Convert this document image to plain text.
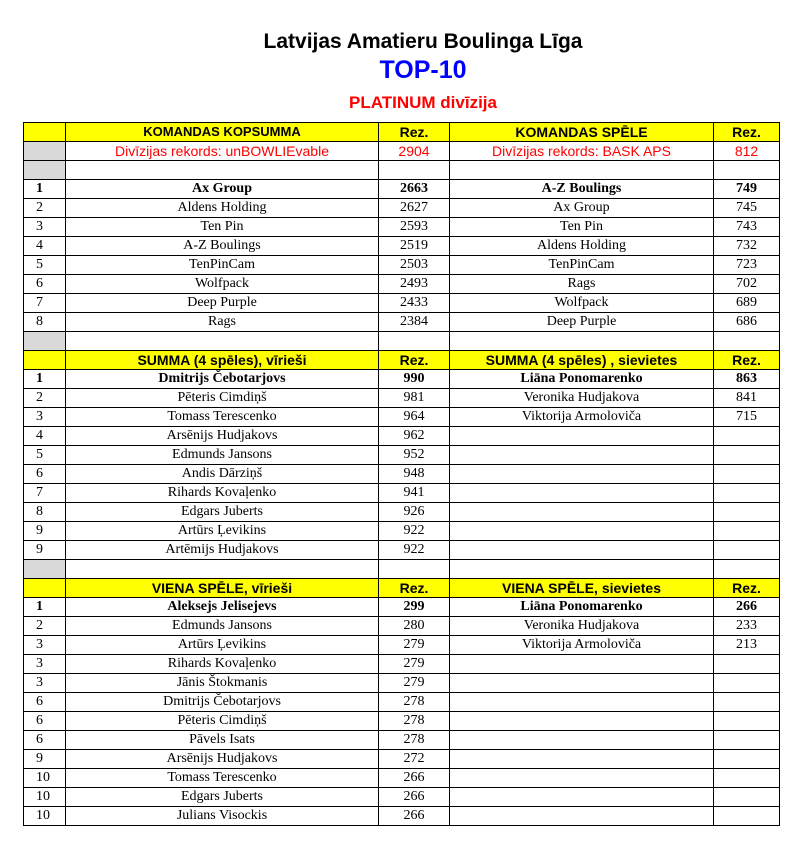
Latvijas Amatieru Boulinga Līga
TOP-10
PLATINUM divīzija
	KOMANDAS KOPSUMMA	Rez.	KOMANDAS SPĒLE	Rez.
	Divīzijas rekords: unBOWLIEvable	2904	Divīzijas rekords: BASK APS	812

1	Ax Group	2663	A-Z Boulings	749
2	Aldens Holding	2627	Ax Group	745
3	Ten Pin	2593	Ten Pin	743
4	A-Z Boulings	2519	Aldens Holding	732
5	TenPinCam	2503	TenPinCam	723
6	Wolfpack	2493	Rags	702
7	Deep Purple	2433	Wolfpack	689
8	Rags	2384	Deep Purple	686

	SUMMA (4 spēles), vīrieši	Rez.	SUMMA (4 spēles) , sievietes	Rez.
1	Dmitrijs Čebotarjovs	990	Liāna Ponomarenko	863
2	Pēteris Cimdiņš	981	Veronika Hudjakova	841
3	Tomass Terescenko	964	Viktorija Armoloviča	715
4	Arsēnijs Hudjakovs	962		
5	Edmunds Jansons	952		
6	Andis Dārziņš	948		
7	Rihards Kovaļenko	941		
8	Edgars Juberts	926		
9	Artūrs Ļevikins	922		
9	Artēmijs Hudjakovs	922		

	VIENA SPĒLE, vīrieši	Rez.	VIENA SPĒLE, sievietes	Rez.
1	Aleksejs Jelisejevs	299	Liāna Ponomarenko	266
2	Edmunds Jansons	280	Veronika Hudjakova	233
3	Artūrs Ļevikins	279	Viktorija Armoloviča	213
3	Rihards Kovaļenko	279		
3	Jānis Štokmanis	279		
6	Dmitrijs Čebotarjovs	278		
6	Pēteris Cimdiņš	278		
6	Pāvels Isats	278		
9	Arsēnijs Hudjakovs	272		
10	Tomass Terescenko	266		
10	Edgars Juberts	266		
10	Julians Visockis	266		
